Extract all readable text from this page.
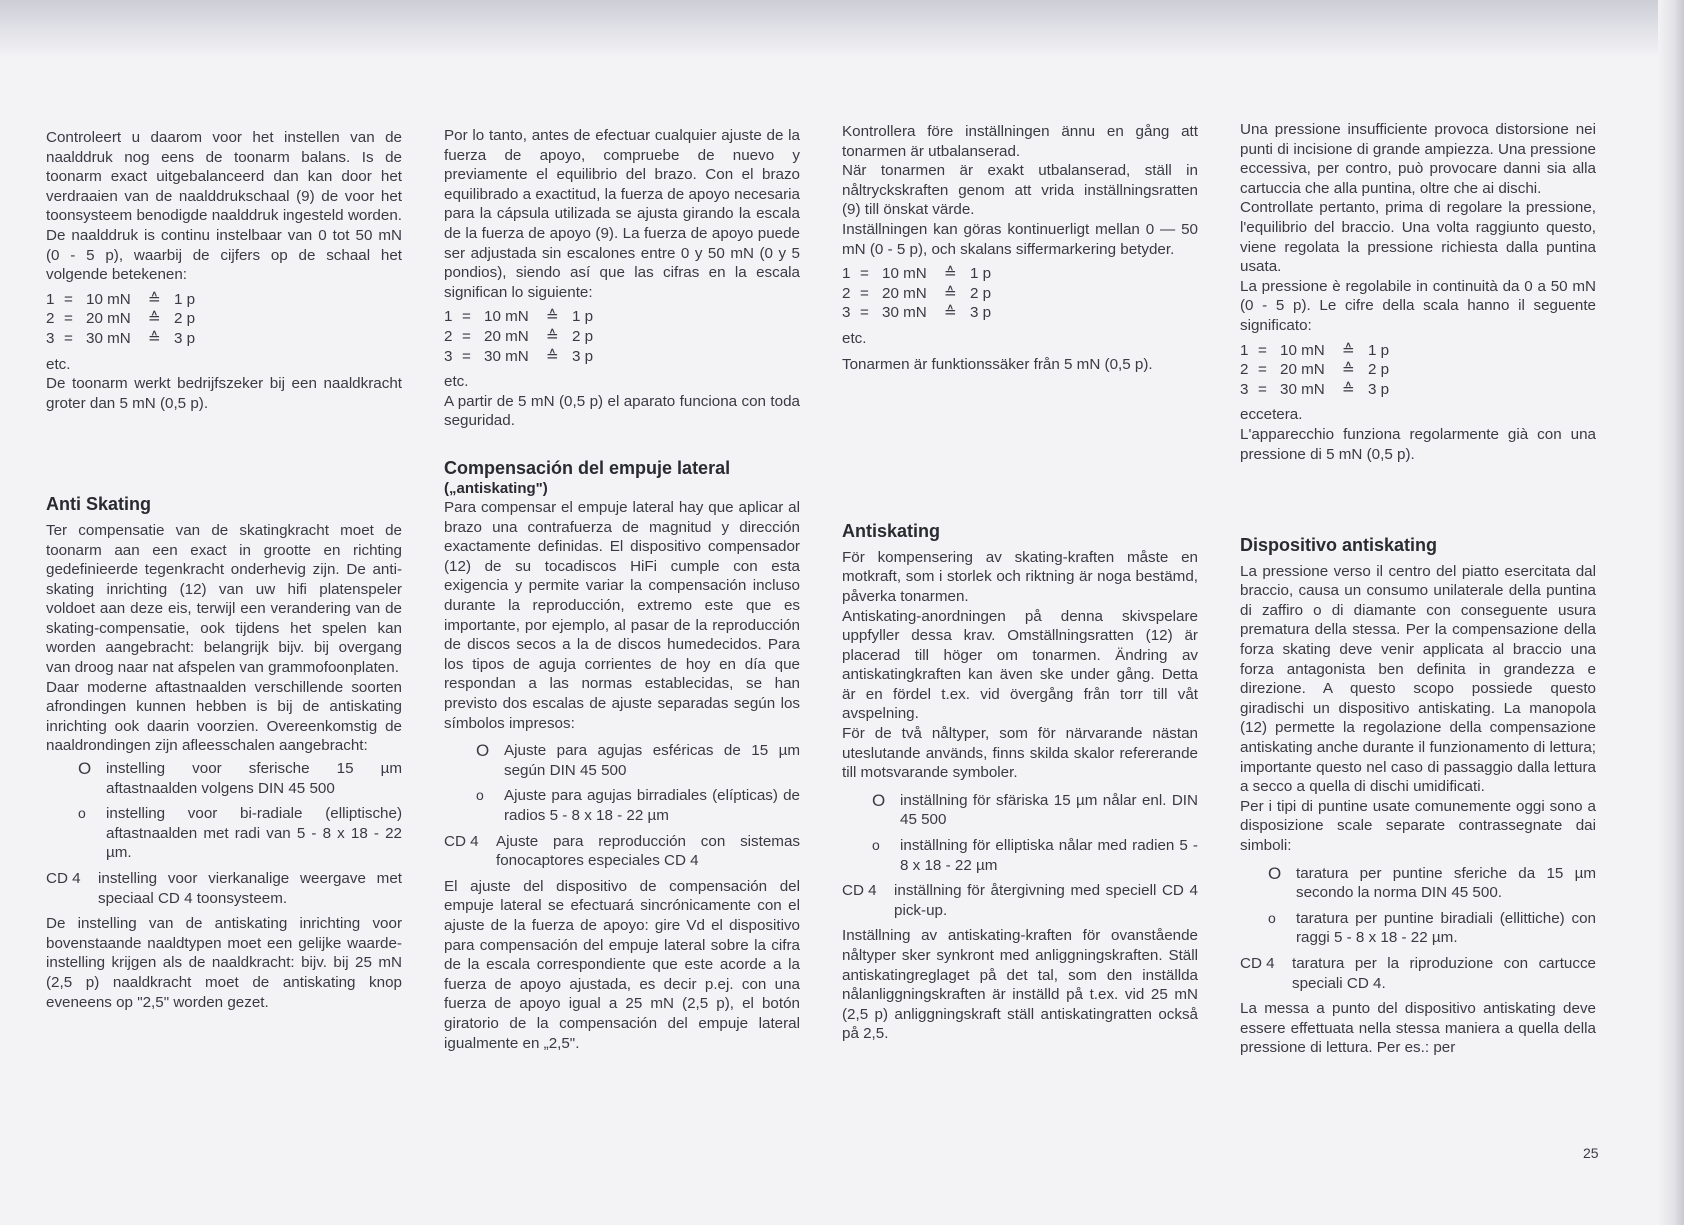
Controleert u daarom voor het instellen van de naalddruk nog eens de toonarm balans. Is de toonarm exact uitgebalanceerd dan kan door het verdraaien van de naalddrukschaal (9) de voor het toonsysteem benodigde naalddruk ingesteld worden. De naalddruk is continu instelbaar van 0 tot 50 mN (0 - 5 p), waarbij de cijfers op de schaal het volgende betekenen:

1 = 10 mN	≙ 1 p
2 = 20 mN	≙ 2 p
3 = 30 mN	≙ 3 p

etc.

De toonarm werkt bedrijfszeker bij een naaldkracht groter dan 5 mN (0,5 p).

Anti Skating

Ter compensatie van de skatingkracht moet de toonarm aan een exact in grootte en richting gedefinieerde tegenkracht onderhevig zijn. De anti-skating inrichting (12) van uw hifi platenspeler voldoet aan deze eis, terwijl een verandering van de skating-compensatie, ook tijdens het spelen kan worden aangebracht: belangrijk bijv. bij overgang van droog naar nat afspelen van grammofoonplaten.

Daar moderne aftastnaalden verschillende soorten afrondingen kunnen hebben is bij de antiskating inrichting ook daarin voorzien. Overeenkomstig de naaldrondingen zijn afleesschalen aangebracht:

O instelling voor sferische 15 µm aftastnaalden volgens DIN 45 500
o	instelling voor bi-radiale (elliptische) aftastnaalden met radi van 5 - 8 x 18 - 22 µm.
CD 4	instelling voor vierkanalige weergave met speciaal CD 4 toonsysteem.

De instelling van de antiskating inrichting voor bovenstaande naaldtypen moet een gelijke waarde-instelling krijgen als de naaldkracht: bijv. bij 25 mN (2,5 p) naaldkracht moet de antiskating knop eveneens op "2,5" worden gezet.

Por lo tanto, antes de efectuar cualquier ajuste de la fuerza de apoyo, compruebe de nuevo y previamente el equilibrio del brazo. Con el brazo equilibrado a exactitud, la fuerza de apoyo necesaria para la cápsula utilizada se ajusta girando la escala de la fuerza de apoyo (9). La fuerza de apoyo puede ser adjustada sin escalones entre 0 y 50 mN (0 y 5 pondios), siendo así que las cifras en la escala significan lo siguiente:

1 = 10 mN	≙ 1 p
2 = 20 mN	≙ 2 p
3 = 30 mN	≙ 3 p

etc.

A partir de 5 mN (0,5 p) el aparato funciona con toda seguridad.

Compensación del empuje lateral

(„antiskating")

Para compensar el empuje lateral hay que aplicar al brazo una contrafuerza de magnitud y dirección exactamente definidas. El dispositivo compensador (12) de su tocadiscos HiFi cumple con esta exigencia y permite variar la compensación incluso durante la reproducción, extremo este que es importante, por ejemplo, al pasar de la reproducción de discos secos a la de discos humedecidos. Para los tipos de aguja corrientes de hoy en día que respondan a las normas establecidas, se han previsto dos escalas de ajuste separadas según los símbolos impresos:

O Ajuste para agujas esféricas de 15 µm según DIN 45 500
o	Ajuste para agujas birradiales (elípticas) de radios 5 - 8 x 18 - 22 µm
CD 4	Ajuste para reproducción con sistemas fonocaptores especiales CD 4

El ajuste del dispositivo de compensación del empuje lateral se efectuará sincrónicamente con el ajuste de la fuerza de apoyo: gire Vd el dispositivo para compensación del empuje lateral sobre la cifra de la escala correspondiente que este acorde a la fuerza de apoyo ajustada, es decir p.ej. con una fuerza de apoyo igual a 25 mN (2,5 p), el botón giratorio de la compensación del empuje lateral igualmente en „2,5".

Kontrollera före inställningen ännu en gång att tonarmen är utbalanserad.

När tonarmen är exakt utbalanserad, ställ in nåltryckskraften genom att vrida inställningsratten (9) till önskat värde.

Inställningen kan göras kontinuerligt mellan 0 — 50 mN (0 - 5 p), och skalans siffermarkering betyder.

1 = 10 mN	≙ 1 p
2 = 20 mN	≙ 2 p
3 = 30 mN	≙ 3 p

etc.

Tonarmen är funktionssäker från 5 mN (0,5 p).

Antiskating

För kompensering av skating-kraften måste en motkraft, som i storlek och riktning är noga bestämd, påverka tonarmen.

Antiskating-anordningen på denna skivspelare uppfyller dessa krav. Omställningsratten (12) är placerad till höger om tonarmen. Ändring av antiskatingkraften kan även ske under gång. Detta är en fördel t.ex. vid övergång från torr till våt avspelning.

För de två nåltyper, som för närvarande nästan uteslutande används, finns skilda skalor refererande till motsvarande symboler.

O inställning för sfäriska 15 µm nålar enl. DIN 45 500
o	inställning för elliptiska nålar med radien 5 - 8 x 18 - 22 µm
CD 4	inställning för återgivning med speciell CD 4 pick-up.

Inställning av antiskating-kraften för ovanstående nåltyper sker synkront med anliggningskraften. Ställ antiskatingreglaget på det tal, som den inställda nålanliggningskraften är inställd på t.ex. vid 25 mN (2,5 p) anliggningskraft ställ antiskatingratten också på 2,5.

Una pressione insufficiente provoca distorsione nei punti di incisione di grande ampiezza. Una pressione eccessiva, per contro, può provocare danni sia alla cartuccia che alla puntina, oltre che ai dischi.

Controllate pertanto, prima di regolare la pressione, l'equilibrio del braccio. Una volta raggiunto questo, viene regolata la pressione richiesta dalla puntina usata.

La pressione è regolabile in continuità da 0 a 50 mN (0 - 5 p). Le cifre della scala hanno il seguente significato:

1 = 10 mN	≙ 1 p
2 = 20 mN	≙ 2 p
3 = 30 mN	≙ 3 p

eccetera.

L'apparecchio funziona regolarmente già con una pressione di 5 mN (0,5 p).

Dispositivo antiskating

La pressione verso il centro del piatto esercitata dal braccio, causa un consumo unilaterale della puntina di zaffiro o di diamante con conseguente usura prematura della stessa. Per la compensazione della forza skating deve venir applicata al braccio una forza antagonista ben definita in grandezza e direzione. A questo scopo possiede questo giradischi un dispositivo antiskating. La manopola (12) permette la regolazione della compensazione antiskating anche durante il funzionamento di lettura; importante questo nel caso di passaggio dalla lettura a secco a quella di dischi umidificati.

Per i tipi di puntine usate comunemente oggi sono a disposizione scale separate contrassegnate dai simboli:

O taratura per puntine sferiche da 15 µm secondo la norma DIN 45 500.
o	taratura per puntine biradiali (ellittiche) con raggi 5 - 8 x 18 - 22 µm.
CD 4	taratura per la riproduzione con cartucce speciali CD 4.

La messa a punto del dispositivo antiskating deve essere effettuata nella stessa maniera a quella della pressione di lettura. Per es.: per

25
